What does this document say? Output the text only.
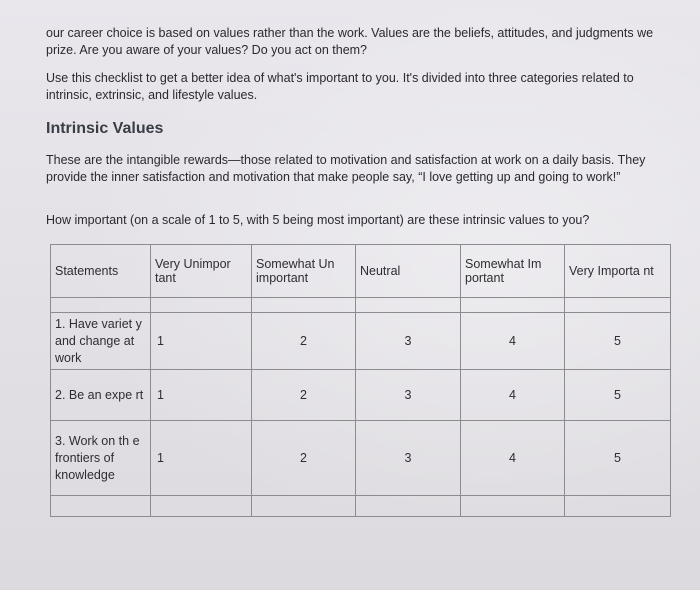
our career choice is based on values rather than the work. Values are the beliefs, attitudes, and judgments we prize. Are you aware of your values? Do you act on them?
Use this checklist to get a better idea of what's important to you. It's divided into three categories related to intrinsic, extrinsic, and lifestyle values.
Intrinsic Values
These are the intangible rewards—those related to motivation and satisfaction at work on a daily basis. They provide the inner satisfaction and motivation that make people say, “I love getting up and going to work!”
How important (on a scale of 1 to 5, with 5 being most important) are these intrinsic values to you?
Statements	Very Unimpor tant	Somewhat Un important	Neutral	Somewhat Im portant	Very Importa nt

1. Have variet y and change at work	1	2	3	4	5
2. Be an expe rt	1	2	3	4	5
3. Work on th e frontiers of knowledge	1	2	3	4	5
